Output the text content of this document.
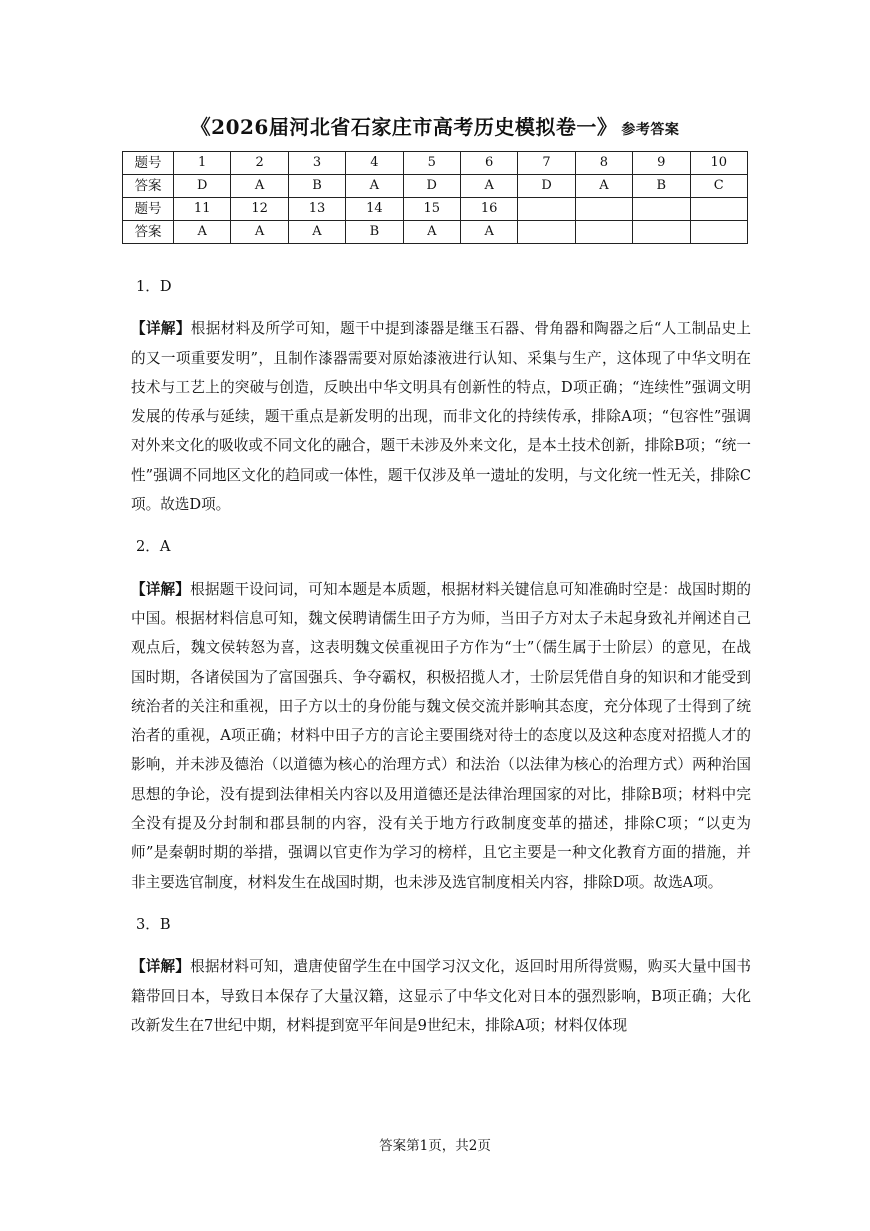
《2026届河北省石家庄市高考历史模拟卷一》 参考答案
题号	1	2	3	4	5	6	7	8	9	10
答案	D	A	B	A	D	A	D	A	B	C
题号	11	12	13	14	15	16				
答案	A	A	A	B	A	A				
1．D
【详解】根据材料及所学可知，题干中提到漆器是继玉石器、骨角器和陶器之后“人工制品史上的又一项重要发明”，且制作漆器需要对原始漆液进行认知、采集与生产，这体现了中华文明在技术与工艺上的突破与创造，反映出中华文明具有创新性的特点，D项正确；“连续性”强调文明发展的传承与延续，题干重点是新发明的出现，而非文化的持续传承，排除A项；“包容性”强调对外来文化的吸收或不同文化的融合，题干未涉及外来文化，是本土技术创新，排除B项；“统一性”强调不同地区文化的趋同或一体性，题干仅涉及单一遗址的发明，与文化统一性无关，排除C项。故选D项。
2．A
【详解】根据题干设问词，可知本题是本质题，根据材料关键信息可知准确时空是：战国时期的中国。根据材料信息可知，魏文侯聘请儒生田子方为师，当田子方对太子未起身致礼并阐述自己观点后，魏文侯转怒为喜，这表明魏文侯重视田子方作为“士”（儒生属于士阶层）的意见，在战国时期，各诸侯国为了富国强兵、争夺霸权，积极招揽人才，士阶层凭借自身的知识和才能受到统治者的关注和重视，田子方以士的身份能与魏文侯交流并影响其态度，充分体现了士得到了统治者的重视，A项正确；材料中田子方的言论主要围绕对待士的态度以及这种态度对招揽人才的影响，并未涉及德治（以道德为核心的治理方式）和法治（以法律为核心的治理方式）两种治国思想的争论，没有提到法律相关内容以及用道德还是法律治理国家的对比，排除B项；材料中完全没有提及分封制和郡县制的内容，没有关于地方行政制度变革的描述，排除C项；“以吏为师”是秦朝时期的举措，强调以官吏作为学习的榜样，且它主要是一种文化教育方面的措施，并非主要选官制度，材料发生在战国时期，也未涉及选官制度相关内容，排除D项。故选A项。
3．B
【详解】根据材料可知，遣唐使留学生在中国学习汉文化，返回时用所得赏赐，购买大量中国书籍带回日本，导致日本保存了大量汉籍，这显示了中华文化对日本的强烈影响，B项正确；大化改新发生在7世纪中期，材料提到宽平年间是9世纪末，排除A项；材料仅体现
答案第1页，共2页
